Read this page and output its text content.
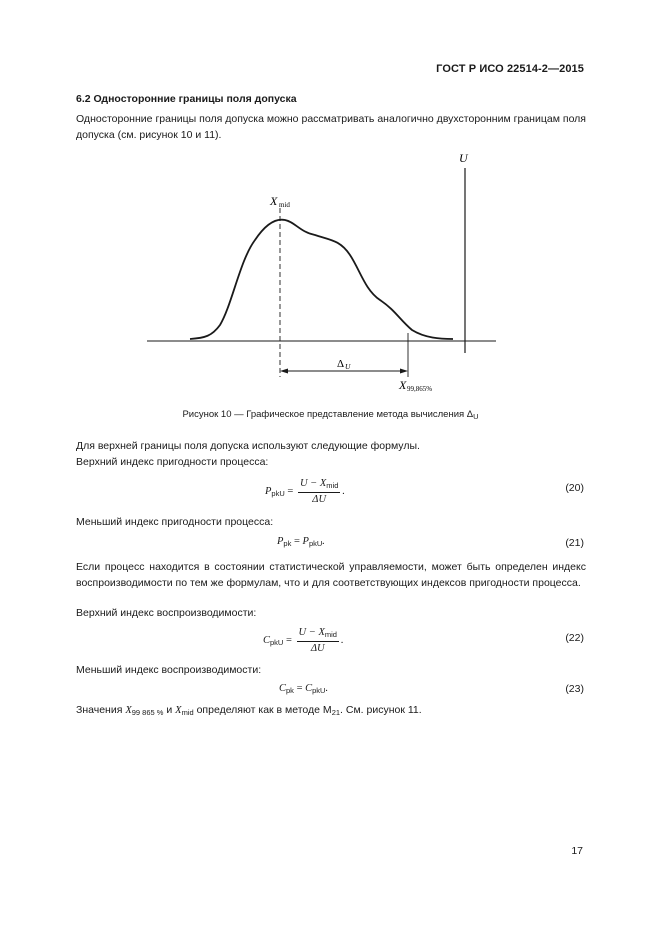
ГОСТ Р ИСО 22514-2—2015
6.2 Односторонние границы поля допуска
Односторонние границы поля допуска можно рассматривать аналогично двухсторонним границам поля допуска (см. рисунок 10 и 11).
U
X mid
Δ U
X 99,865%
Рисунок 10 — Графическое представление метода вычисления $\Delta_U$
Для верхней границы поля допуска используют следующие формулы.
Верхний индекс пригодности процесса:
$P_{pkU} = \frac{U - X_{mid}}{\Delta U}$ .	(20)
Меньший индекс пригодности процесса:
$P_{pk} = P_{pkU}$.	(21)
Если процесс находится в состоянии статистической управляемости, может быть определен индекс воспроизводимости по тем же формулам, что и для соответствующих индексов пригодности процесса.
Верхний индекс воспроизводимости:
$C_{pkU} = \frac{U - X_{mid}}{\Delta U}$ .	(22)
Меньший индекс воспроизводимости:
$C_{pk} = C_{pkU}$.	(23)
Значения $X_{99 865 \%}$ и $X_{mid}$ определяют как в методе $M_{21}$. См. рисунок 11.
17
